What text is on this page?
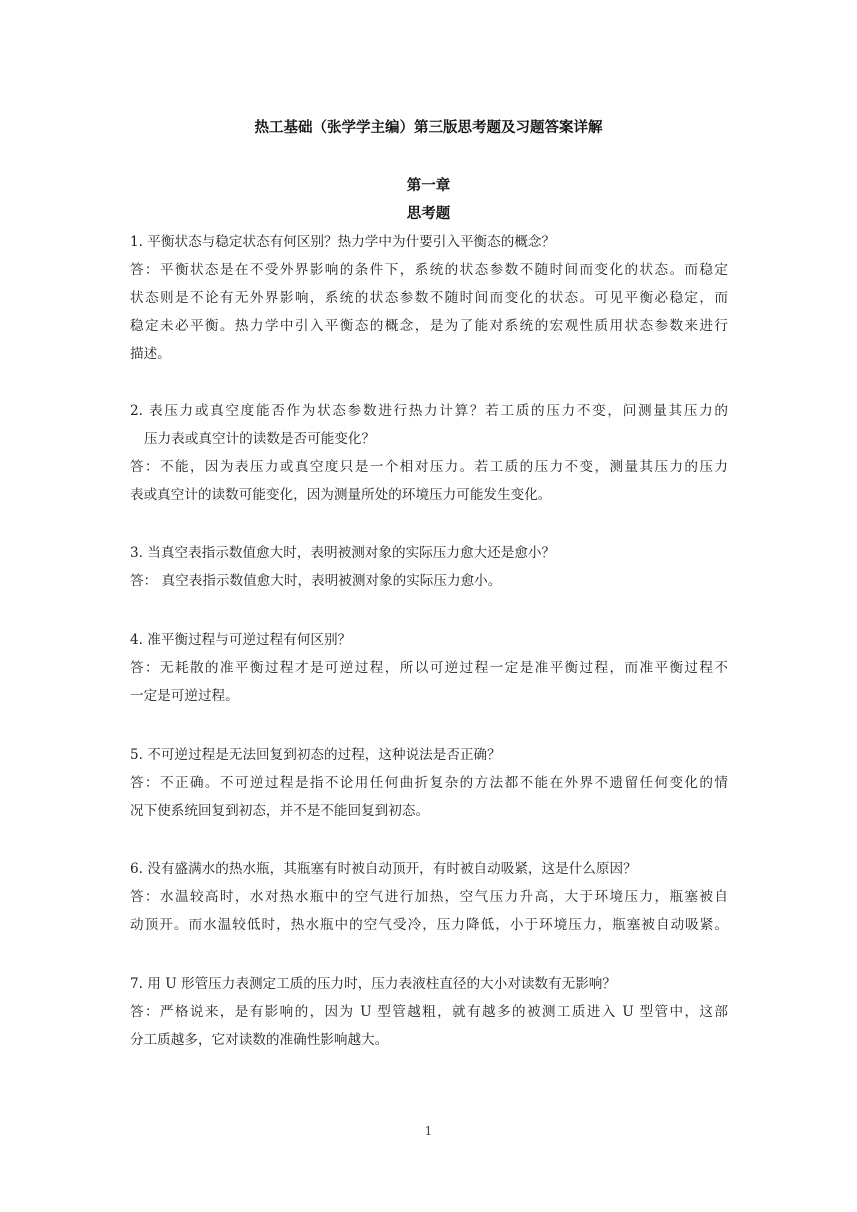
热工基础（张学学主编）第三版思考题及习题答案详解
第一章
思考题
1. 平衡状态与稳定状态有何区别？热力学中为什要引入平衡态的概念？
答：平衡状态是在不受外界影响的条件下，系统的状态参数不随时间而变化的状态。而稳定
状态则是不论有无外界影响，系统的状态参数不随时间而变化的状态。可见平衡必稳定，而
稳定未必平衡。热力学中引入平衡态的概念，是为了能对系统的宏观性质用状态参数来进行
描述。
2. 表压力或真空度能否作为状态参数进行热力计算？若工质的压力不变，问测量其压力的
压力表或真空计的读数是否可能变化？
答：不能，因为表压力或真空度只是一个相对压力。若工质的压力不变，测量其压力的压力
表或真空计的读数可能变化，因为测量所处的环境压力可能发生变化。
3. 当真空表指示数值愈大时，表明被测对象的实际压力愈大还是愈小？
答： 真空表指示数值愈大时，表明被测对象的实际压力愈小。
4. 准平衡过程与可逆过程有何区别？
答：无耗散的准平衡过程才是可逆过程，所以可逆过程一定是准平衡过程，而准平衡过程不
一定是可逆过程。
5. 不可逆过程是无法回复到初态的过程，这种说法是否正确？
答：不正确。不可逆过程是指不论用任何曲折复杂的方法都不能在外界不遗留任何变化的情
况下使系统回复到初态，并不是不能回复到初态。
6. 没有盛满水的热水瓶，其瓶塞有时被自动顶开，有时被自动吸紧，这是什么原因？
答：水温较高时，水对热水瓶中的空气进行加热，空气压力升高，大于环境压力，瓶塞被自
动顶开。而水温较低时，热水瓶中的空气受冷，压力降低，小于环境压力，瓶塞被自动吸紧。
7. 用 U 形管压力表测定工质的压力时，压力表液柱直径的大小对读数有无影响？
答：严格说来，是有影响的，因为 U 型管越粗，就有越多的被测工质进入 U 型管中，这部
分工质越多，它对读数的准确性影响越大。
1
